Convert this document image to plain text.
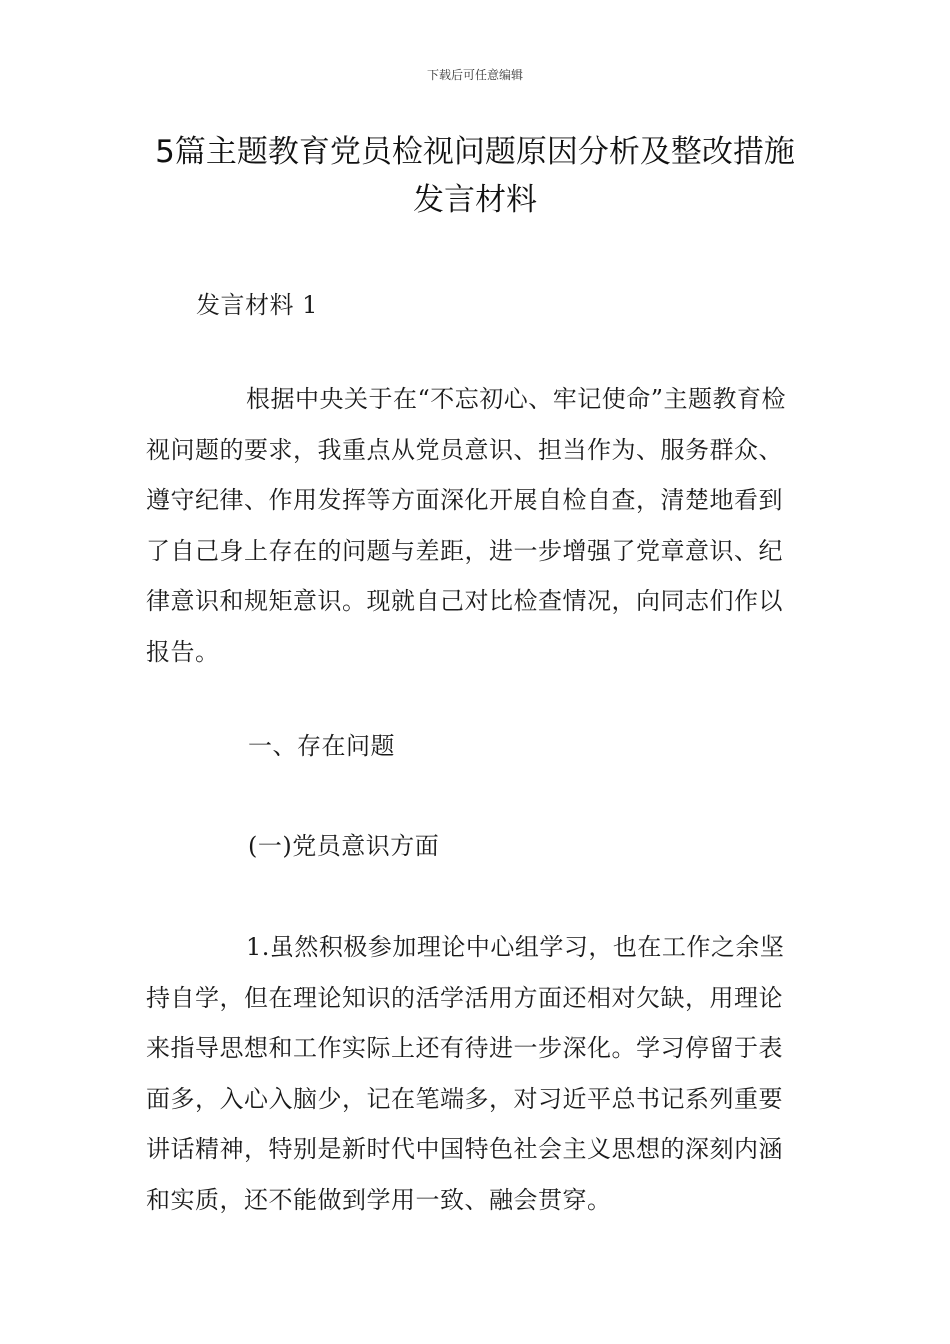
下载后可任意编辑
5篇主题教育党员检视问题原因分析及整改措施发言材料

发言材料 1

根据中央关于在“不忘初心、牢记使命”主题教育检视问题的要求，我重点从党员意识、担当作为、服务群众、遵守纪律、作用发挥等方面深化开展自检自查，清楚地看到了自己身上存在的问题与差距，进一步增强了党章意识、纪律意识和规矩意识。现就自己对比检查情况，向同志们作以报告。

一、存在问题

(一)党员意识方面

1.虽然积极参加理论中心组学习，也在工作之余坚持自学，但在理论知识的活学活用方面还相对欠缺，用理论来指导思想和工作实际上还有待进一步深化。学习停留于表面多，入心入脑少，记在笔端多，对习近平总书记系列重要讲话精神，特别是新时代中国特色社会主义思想的深刻内涵和实质，还不能做到学用一致、融会贯穿。
